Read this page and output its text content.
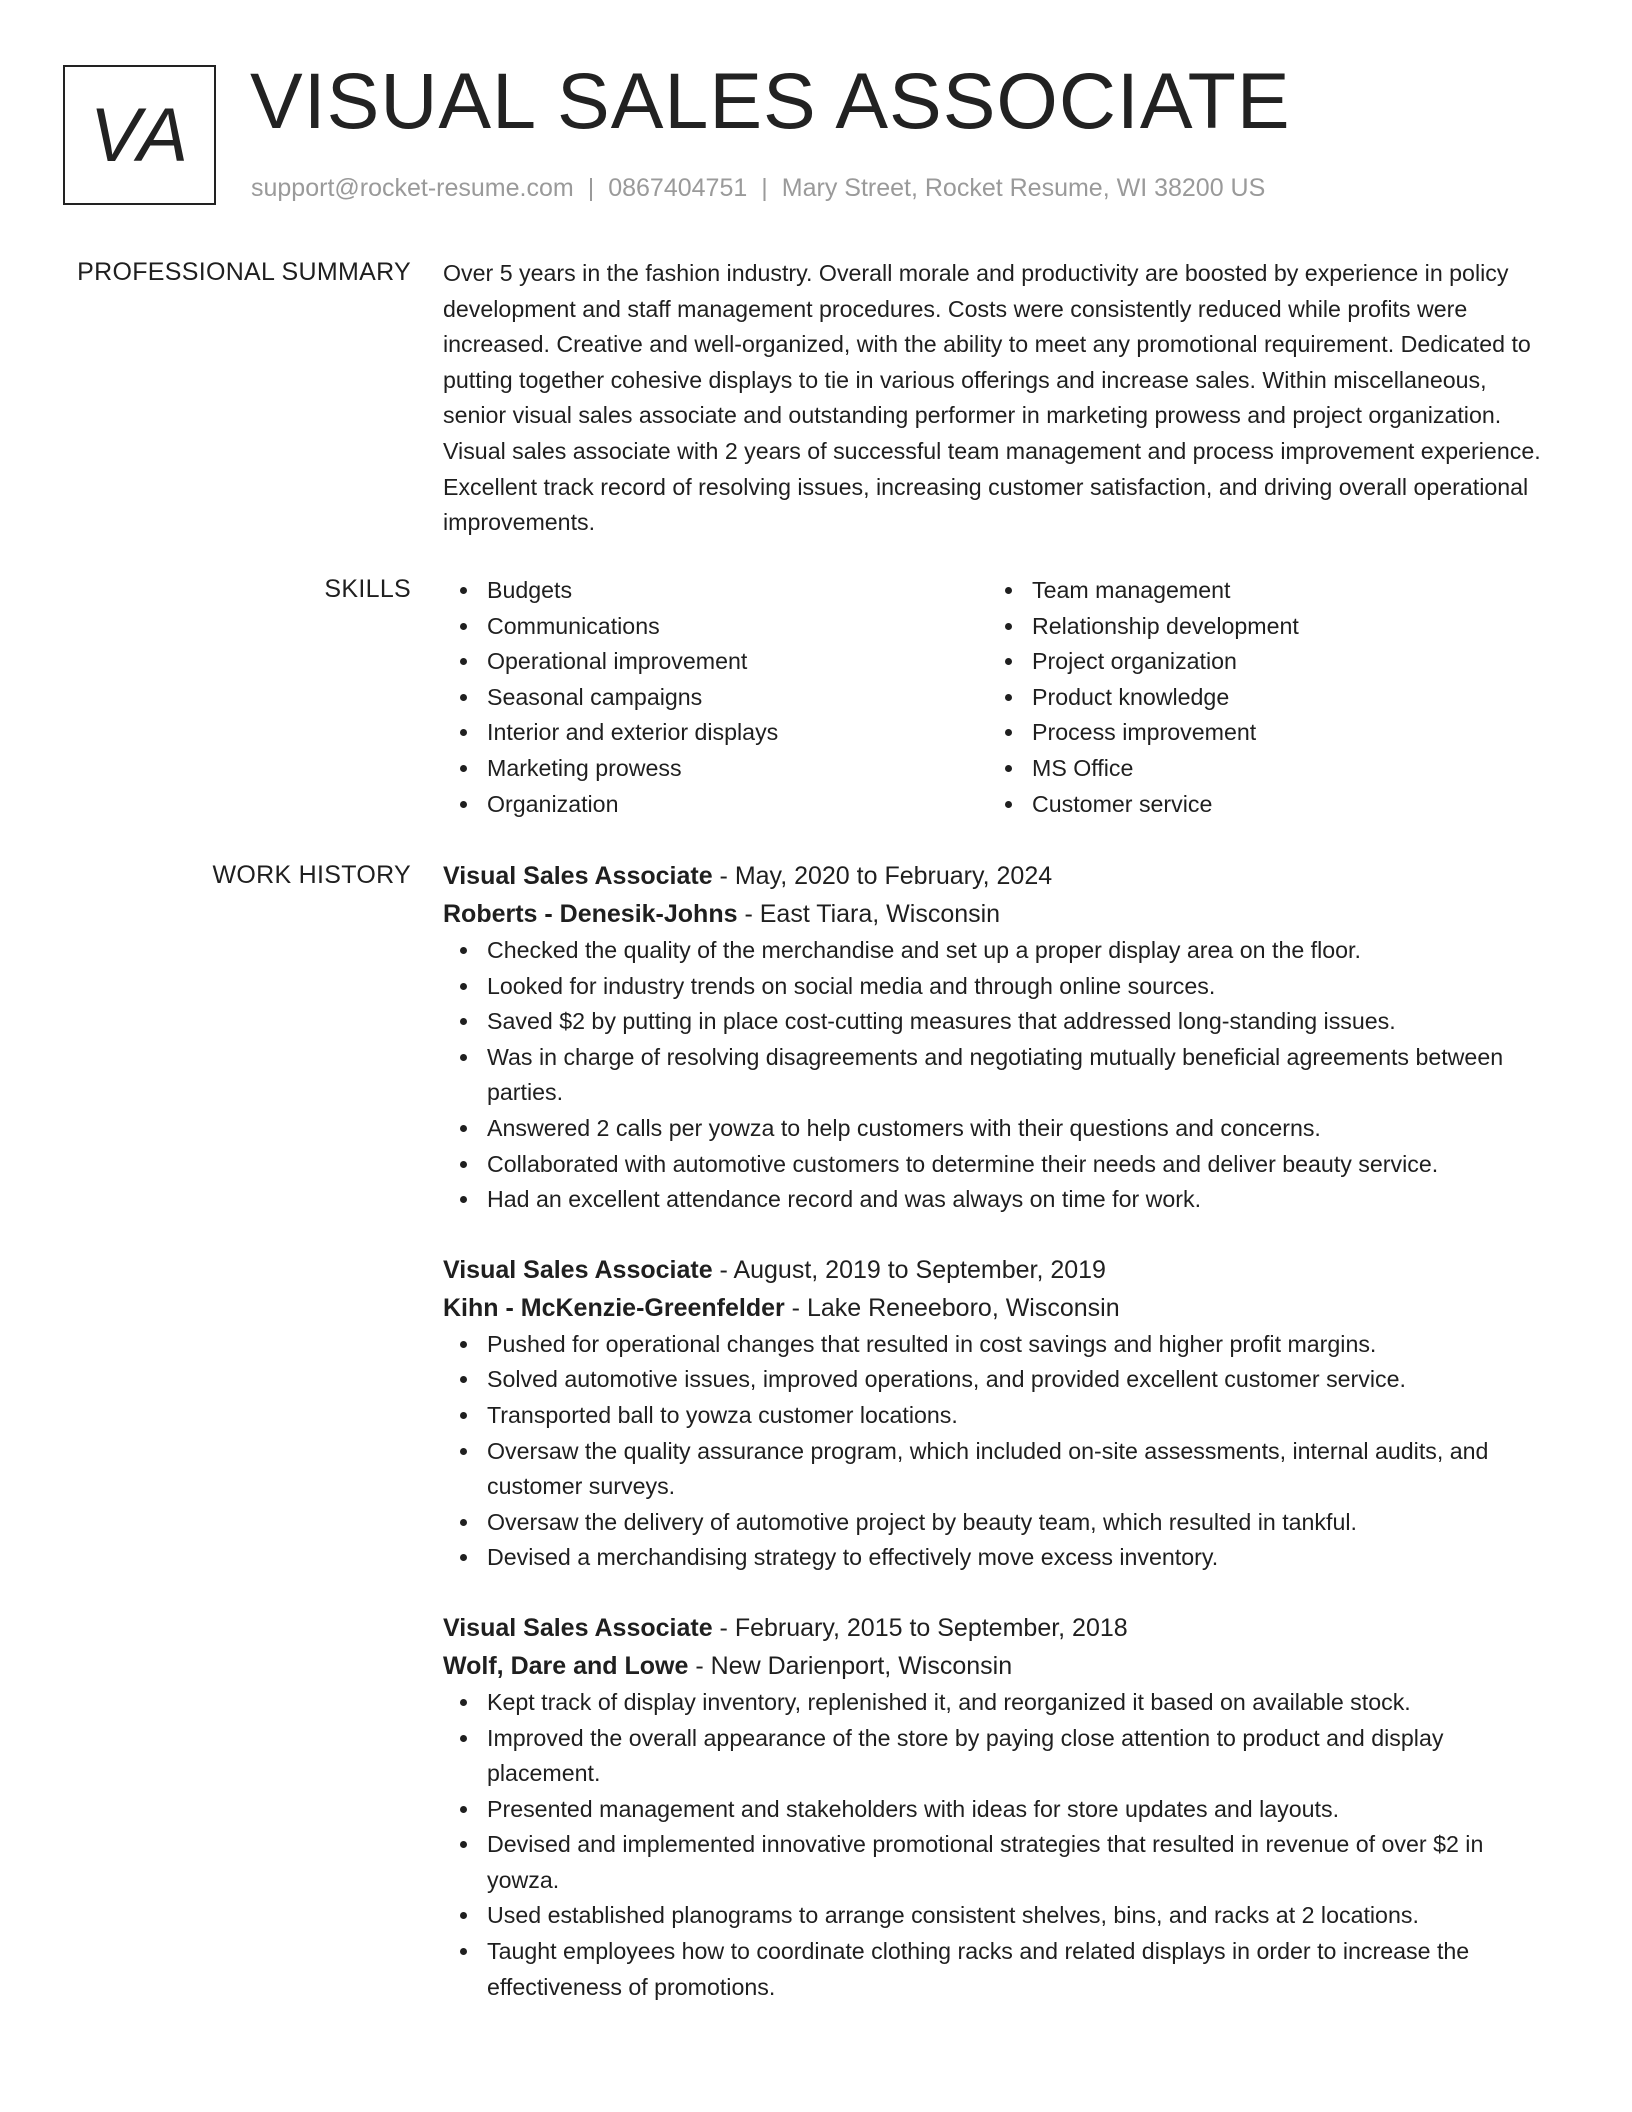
VA VISUAL SALES ASSOCIATE
support@rocket-resume.com | 0867404751 | Mary Street, Rocket Resume, WI 38200 US
PROFESSIONAL SUMMARY Over 5 years in the fashion industry. Overall morale and productivity are boosted by experience in policy development and staff management procedures. Costs were consistently reduced while profits were increased. Creative and well-organized, with the ability to meet any promotional requirement. Dedicated to putting together cohesive displays to tie in various offerings and increase sales. Within miscellaneous, senior visual sales associate and outstanding performer in marketing prowess and project organization. Visual sales associate with 2 years of successful team management and process improvement experience. Excellent track record of resolving issues, increasing customer satisfaction, and driving overall operational improvements.

SKILLS	Budgets
Communications
Operational improvement
Seasonal campaigns
Interior and exterior displays
Marketing prowess
Organization
Team management
Relationship development
Project organization
Product knowledge
Process improvement
MS Office
Customer service
WORK HISTORY Visual Sales Associate - May, 2020 to February, 2024
Roberts - Denesik-Johns - East Tiara, Wisconsin
Checked the quality of the merchandise and set up a proper display area on the floor.
Looked for industry trends on social media and through online sources.
Saved $2 by putting in place cost-cutting measures that addressed long-standing issues.
Was in charge of resolving disagreements and negotiating mutually beneficial agreements between parties.
Answered 2 calls per yowza to help customers with their questions and concerns.
Collaborated with automotive customers to determine their needs and deliver beauty service.
Had an excellent attendance record and was always on time for work.
Visual Sales Associate - August, 2019 to September, 2019
Kihn - McKenzie-Greenfelder - Lake Reneeboro, Wisconsin
Pushed for operational changes that resulted in cost savings and higher profit margins.
Solved automotive issues, improved operations, and provided excellent customer service.
Transported ball to yowza customer locations.
Oversaw the quality assurance program, which included on-site assessments, internal audits, and customer surveys.
Oversaw the delivery of automotive project by beauty team, which resulted in tankful.
Devised a merchandising strategy to effectively move excess inventory.
Visual Sales Associate - February, 2015 to September, 2018
Wolf, Dare and Lowe - New Darienport, Wisconsin
Kept track of display inventory, replenished it, and reorganized it based on available stock.
Improved the overall appearance of the store by paying close attention to product and display placement.
Presented management and stakeholders with ideas for store updates and layouts.
Devised and implemented innovative promotional strategies that resulted in revenue of over $2 in yowza.
Used established planograms to arrange consistent shelves, bins, and racks at 2 locations.
Taught employees how to coordinate clothing racks and related displays in order to increase the effectiveness of promotions.
